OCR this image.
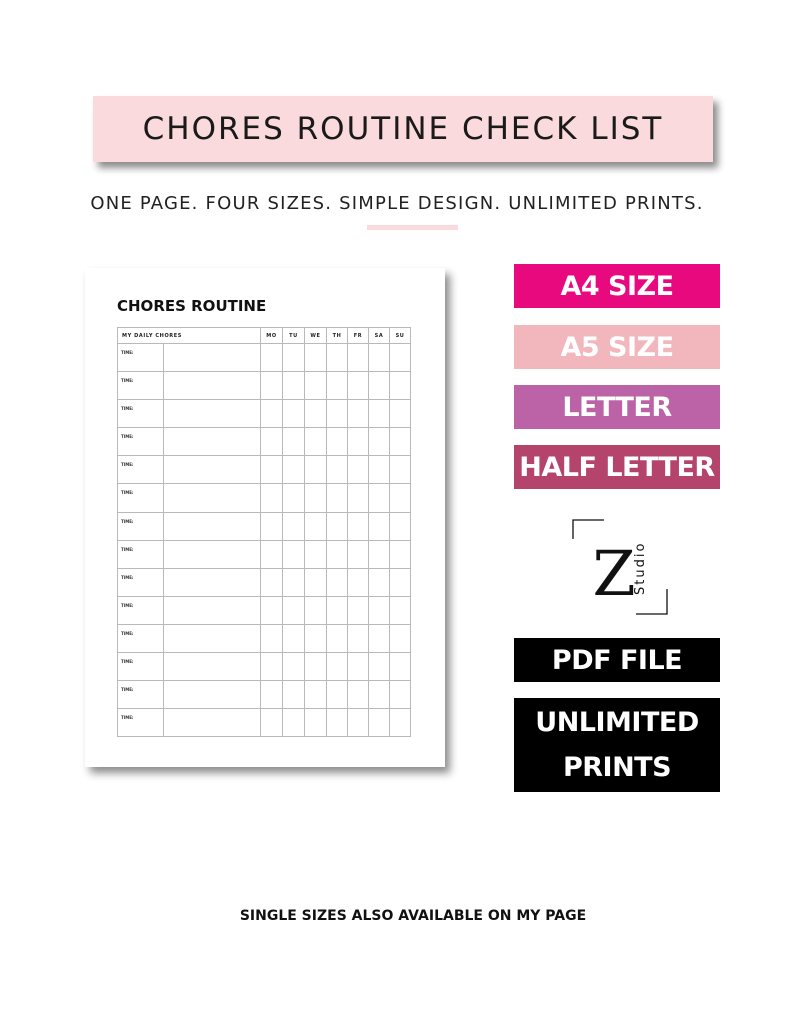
CHORES ROUTINE CHECK LIST
ONE PAGE. FOUR SIZES. SIMPLE DESIGN. UNLIMITED PRINTS.
CHORES ROUTINE
MY DAILY CHORES		MO	TU	WE	TH	FR	SA	SU

TIME:								

TIME:								

TIME:								

TIME:								

TIME:								

TIME:								

TIME:								

TIME:								

TIME:								

TIME:								

TIME:								

TIME:								

TIME:								

TIME:								

A4 SIZE
A5 SIZE
LETTER
HALF LETTER
Z
Studio
PDF FILE
UNLIMITED
PRINTS
SINGLE SIZES ALSO AVAILABLE ON MY PAGE
